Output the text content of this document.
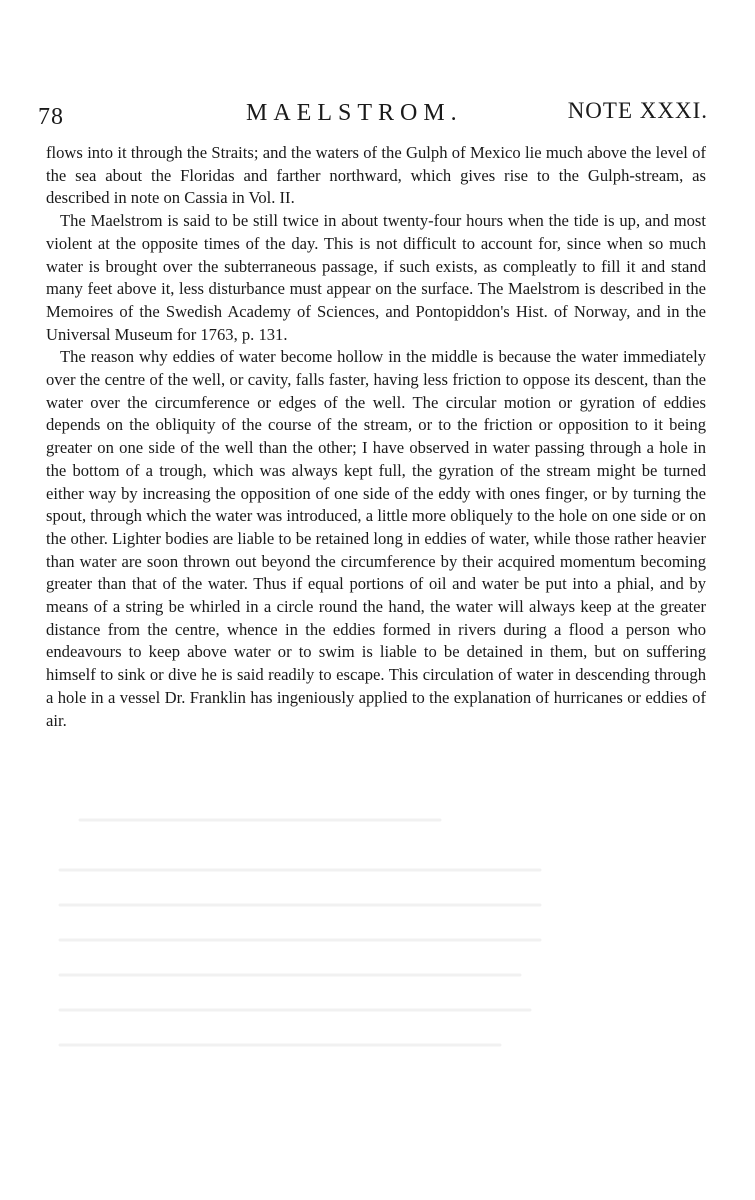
78	MAELSTROM.	NOTE XXXI.

flows into it through the Straits; and the waters of the Gulph of Mexico lie much above the level of the sea about the Floridas and farther northward, which gives rise to the Gulph-stream, as described in note on Cassia in Vol. II.

The Maelstrom is said to be still twice in about twenty-four hours when the tide is up, and most violent at the opposite times of the day. This is not difficult to account for, since when so much water is brought over the subterraneous passage, if such exists, as compleatly to fill it and stand many feet above it, less disturbance must appear on the surface. The Maelstrom is described in the Memoires of the Swedish Academy of Sciences, and Pontopiddon's Hist. of Norway, and in the Universal Museum for 1763, p. 131.

The reason why eddies of water become hollow in the middle is because the water immediately over the centre of the well, or cavity, falls faster, having less friction to oppose its descent, than the water over the circumference or edges of the well. The circular motion or gyration of eddies depends on the obliquity of the course of the stream, or to the friction or opposition to it being greater on one side of the well than the other; I have observed in water passing through a hole in the bottom of a trough, which was always kept full, the gyration of the stream might be turned either way by increasing the opposition of one side of the eddy with ones finger, or by turning the spout, through which the water was introduced, a little more obliquely to the hole on one side or on the other. Lighter bodies are liable to be retained long in eddies of water, while those rather heavier than water are soon thrown out beyond the circumference by their acquired momentum becoming greater than that of the water. Thus if equal portions of oil and water be put into a phial, and by means of a string be whirled in a circle round the hand, the water will always keep at the greater distance from the centre, whence in the eddies formed in rivers during a flood a person who endeavours to keep above water or to swim is liable to be detained in them, but on suffering himself to sink or dive he is said readily to escape. This circulation of water in descending through a hole in a vessel Dr. Franklin has ingeniously applied to the explanation of hurricanes or eddies of air.
